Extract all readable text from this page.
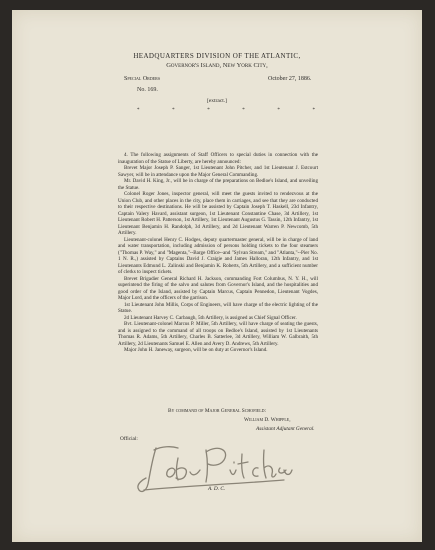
HEADQUARTERS DIVISION OF THE ATLANTIC,
Governor's Island, New York City,
Special Orders	October 27, 1886.
No. 169.
[extract.]
*	*	*	*	*	*

4. The following assignments of Staff Officers to special duties in connection with the inauguration of the Statue of Liberty, are hereby announced:

Brevet Major Joseph P. Sanger, 1st Lieutenant John Pitcher, and 1st Lieutenant J. Estcourt Sawyer, will be in attendance upon the Major General Commanding.

Mr. David H. King, Jr., will be in charge of the preparations on Bedloe's Island, and unveiling the Statue.

Colonel Roger Jones, inspector general, will meet the guests invited to rendezvous at the Union Club, and other places in the city, place them in carriages, and see that they are conducted to their respective destinations. He will be assisted by Captain Joseph T. Haskell, 23d Infantry, Captain Valery Havard, assistant surgeon, 1st Lieutenant Constantine Chase, 3d Artillery, 1st Lieutenant Robert H. Patterson, 1st Artillery, 1st Lieutenant Augustus G. Tassin, 12th Infantry, 1st Lieutenant Benjamin H. Randolph, 3d Artillery, and 2d Lieutenant Warren P. Newcomb, 5th Artillery.

Lieutenant-colonel Henry C. Hodges, deputy quartermaster general, will be in charge of land and water transportation, including admission of persons holding tickets to the four steamers ("Thomas P. Way," and "Magenta,"--Barge Office--and "Sylvan Stream," and "Atlanta,"--Pier No. 1 N. R.,) assisted by Captains David J. Craigie and James Halloran, 12th Infantry, and 1st Lieutenants Edmund L. Zalinski and Benjamin K. Roberts, 5th Artillery, and a sufficient number of clerks to inspect tickets.

Brevet Brigadier General Richard H. Jackson, commanding Fort Columbus, N. Y. H., will superintend the firing of the salvo and salutes from Governor's Island, and the hospitalities and good order of the Island, assisted by Captain Marcus, Captain Pennedon, Lieutenant Vogdes, Major Lord, and the officers of the garrison.

1st Lieutenant John Millis, Corps of Engineers, will have charge of the electric lighting of the Statue.

2d Lieutenant Harvey C. Carbaugh, 5th Artillery, is assigned as Chief Signal Officer.

Bvt. Lieutenant-colonel Marcus P. Miller, 5th Artillery, will have charge of seating the guests, and is assigned to the command of all troops on Bedloe's Island, assisted by 1st Lieutenants Thomas R. Adams, 5th Artillery, Charles B. Satterlee, 3d Artillery, William W. Galbraith, 5th Artillery, 2d Lieutenants Samuel E. Allen and Avery D. Andrews, 5th Artillery.

Major John H. Janeway, surgeon, will be on duty at Governor's Island.

By command of Major General Schofield:
William D. Whipple,
Assistant Adjutant General.
Official:
A. D. C.
